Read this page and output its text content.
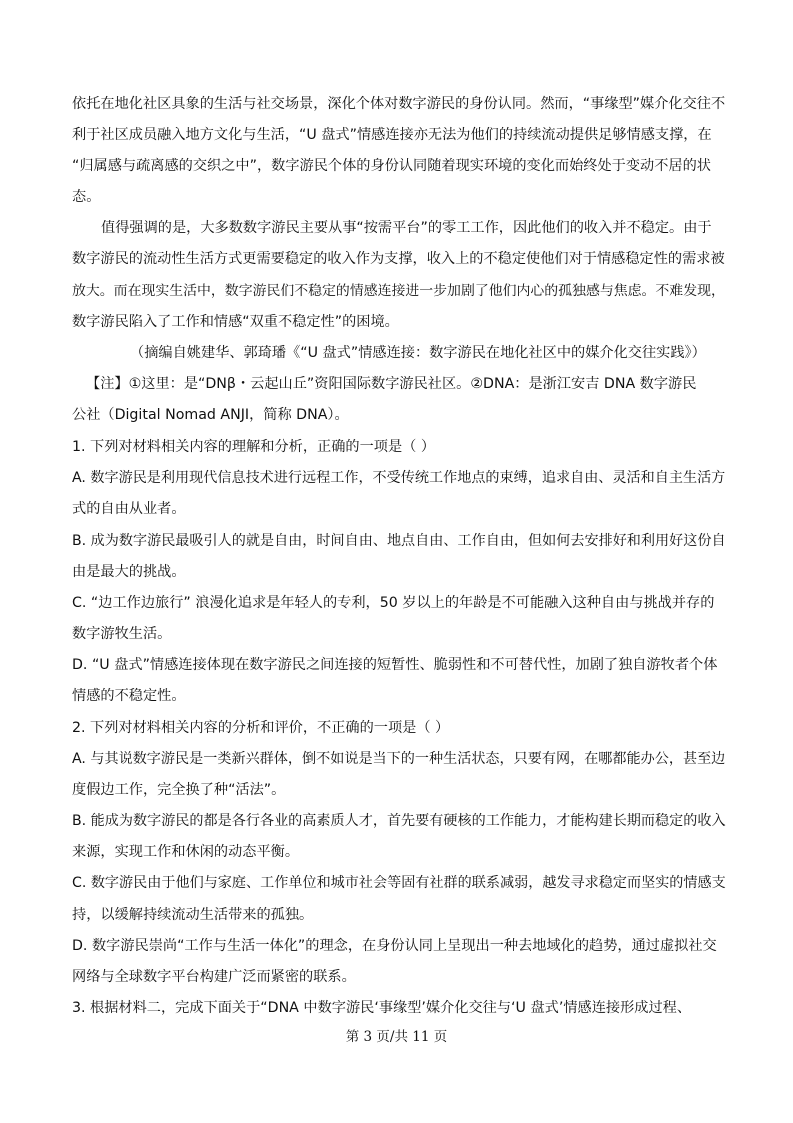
依托在地化社区具象的生活与社交场景，深化个体对数字游民的身份认同。然而，“事缘型”媒介化交往不
利于社区成员融入地方文化与生活，“U 盘式”情感连接亦无法为他们的持续流动提供足够情感支撑，在
“归属感与疏离感的交织之中”，数字游民个体的身份认同随着现实环境的变化而始终处于变动不居的状
态。
值得强调的是，大多数数字游民主要从事“按需平台”的零工工作，因此他们的收入并不稳定。由于
数字游民的流动性生活方式更需要稳定的收入作为支撑，收入上的不稳定使他们对于情感稳定性的需求被
放大。而在现实生活中，数字游民们不稳定的情感连接进一步加剧了他们内心的孤独感与焦虑。不难发现，
数字游民陷入了工作和情感“双重不稳定性”的困境。
（摘编自姚建华、郭琦璠《“U 盘式”情感连接：数字游民在地化社区中的媒介化交往实践》）
【注】①这里：是“DNβ・云起山丘”资阳国际数字游民社区。②DNA：是浙江安吉 DNA 数字游民
公社（Digital Nomad ANJI，简称 DNA）。
1. 下列对材料相关内容的理解和分析，正确的一项是（ ）
A. 数字游民是利用现代信息技术进行远程工作，不受传统工作地点的束缚，追求自由、灵活和自主生活方
式的自由从业者。
B. 成为数字游民最吸引人的就是自由，时间自由、地点自由、工作自由，但如何去安排好和利用好这份自
由是最大的挑战。
C. “边工作边旅行” 浪漫化追求是年轻人的专利，50 岁以上的年龄是不可能融入这种自由与挑战并存的
数字游牧生活。
D. “U 盘式”情感连接体现在数字游民之间连接的短暂性、脆弱性和不可替代性，加剧了独自游牧者个体
情感的不稳定性。
2. 下列对材料相关内容的分析和评价，不正确的一项是（ ）
A. 与其说数字游民是一类新兴群体，倒不如说是当下的一种生活状态，只要有网，在哪都能办公，甚至边
度假边工作，完全换了种“活法”。
B. 能成为数字游民的都是各行各业的高素质人才，首先要有硬核的工作能力，才能构建长期而稳定的收入
来源，实现工作和休闲的动态平衡。
C. 数字游民由于他们与家庭、工作单位和城市社会等固有社群的联系减弱，越发寻求稳定而坚实的情感支
持，以缓解持续流动生活带来的孤独。
D. 数字游民崇尚“工作与生活一体化”的理念，在身份认同上呈现出一种去地域化的趋势，通过虚拟社交
网络与全球数字平台构建广泛而紧密的联系。
3. 根据材料二，完成下面关于“DNA 中数字游民‘事缘型’媒介化交往与‘U 盘式’情感连接形成过程、
第 3 页/共 11 页
